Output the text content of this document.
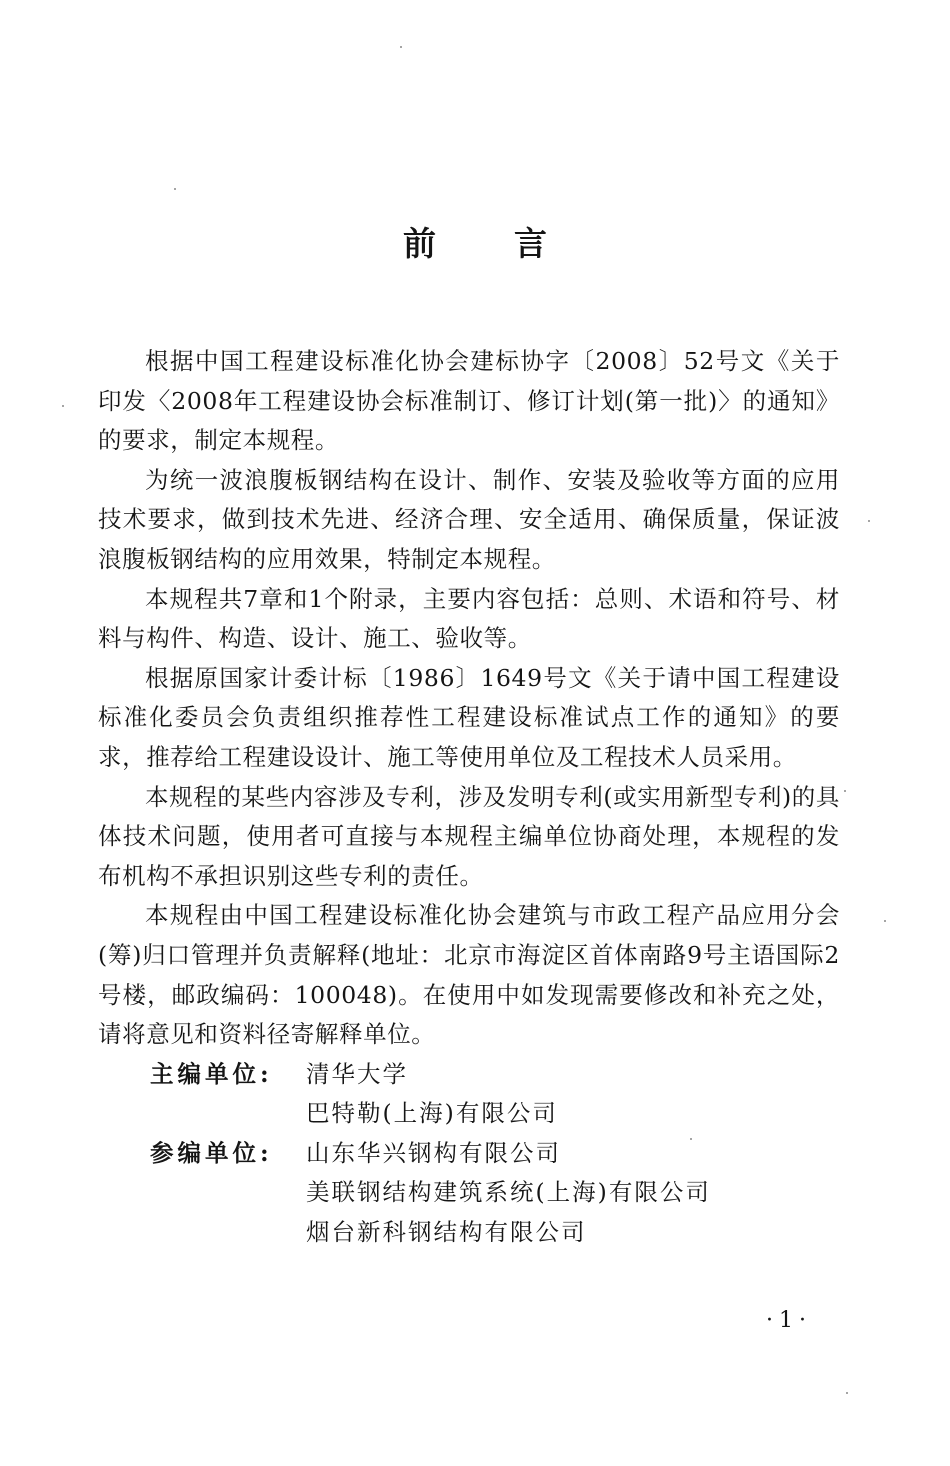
前 言

根据中国工程建设标准化协会建标协字〔2008〕52号文《关于印发〈2008年工程建设协会标准制订、修订计划(第一批)〉的通知》的要求，制定本规程。

为统一波浪腹板钢结构在设计、制作、安装及验收等方面的应用技术要求，做到技术先进、经济合理、安全适用、确保质量，保证波浪腹板钢结构的应用效果，特制定本规程。

本规程共7章和1个附录，主要内容包括：总则、术语和符号、材料与构件、构造、设计、施工、验收等。

根据原国家计委计标〔1986〕1649号文《关于请中国工程建设标准化委员会负责组织推荐性工程建设标准试点工作的通知》的要求，推荐给工程建设设计、施工等使用单位及工程技术人员采用。

本规程的某些内容涉及专利，涉及发明专利(或实用新型专利)的具体技术问题，使用者可直接与本规程主编单位协商处理，本规程的发布机构不承担识别这些专利的责任。

本规程由中国工程建设标准化协会建筑与市政工程产品应用分会(筹)归口管理并负责解释(地址：北京市海淀区首体南路9号主语国际2号楼，邮政编码：100048)。在使用中如发现需要修改和补充之处，请将意见和资料径寄解释单位。

主编单位:	清华大学
巴特勒(上海)有限公司
参编单位:	山东华兴钢构有限公司
美联钢结构建筑系统(上海)有限公司
烟台新科钢结构有限公司
·1·
